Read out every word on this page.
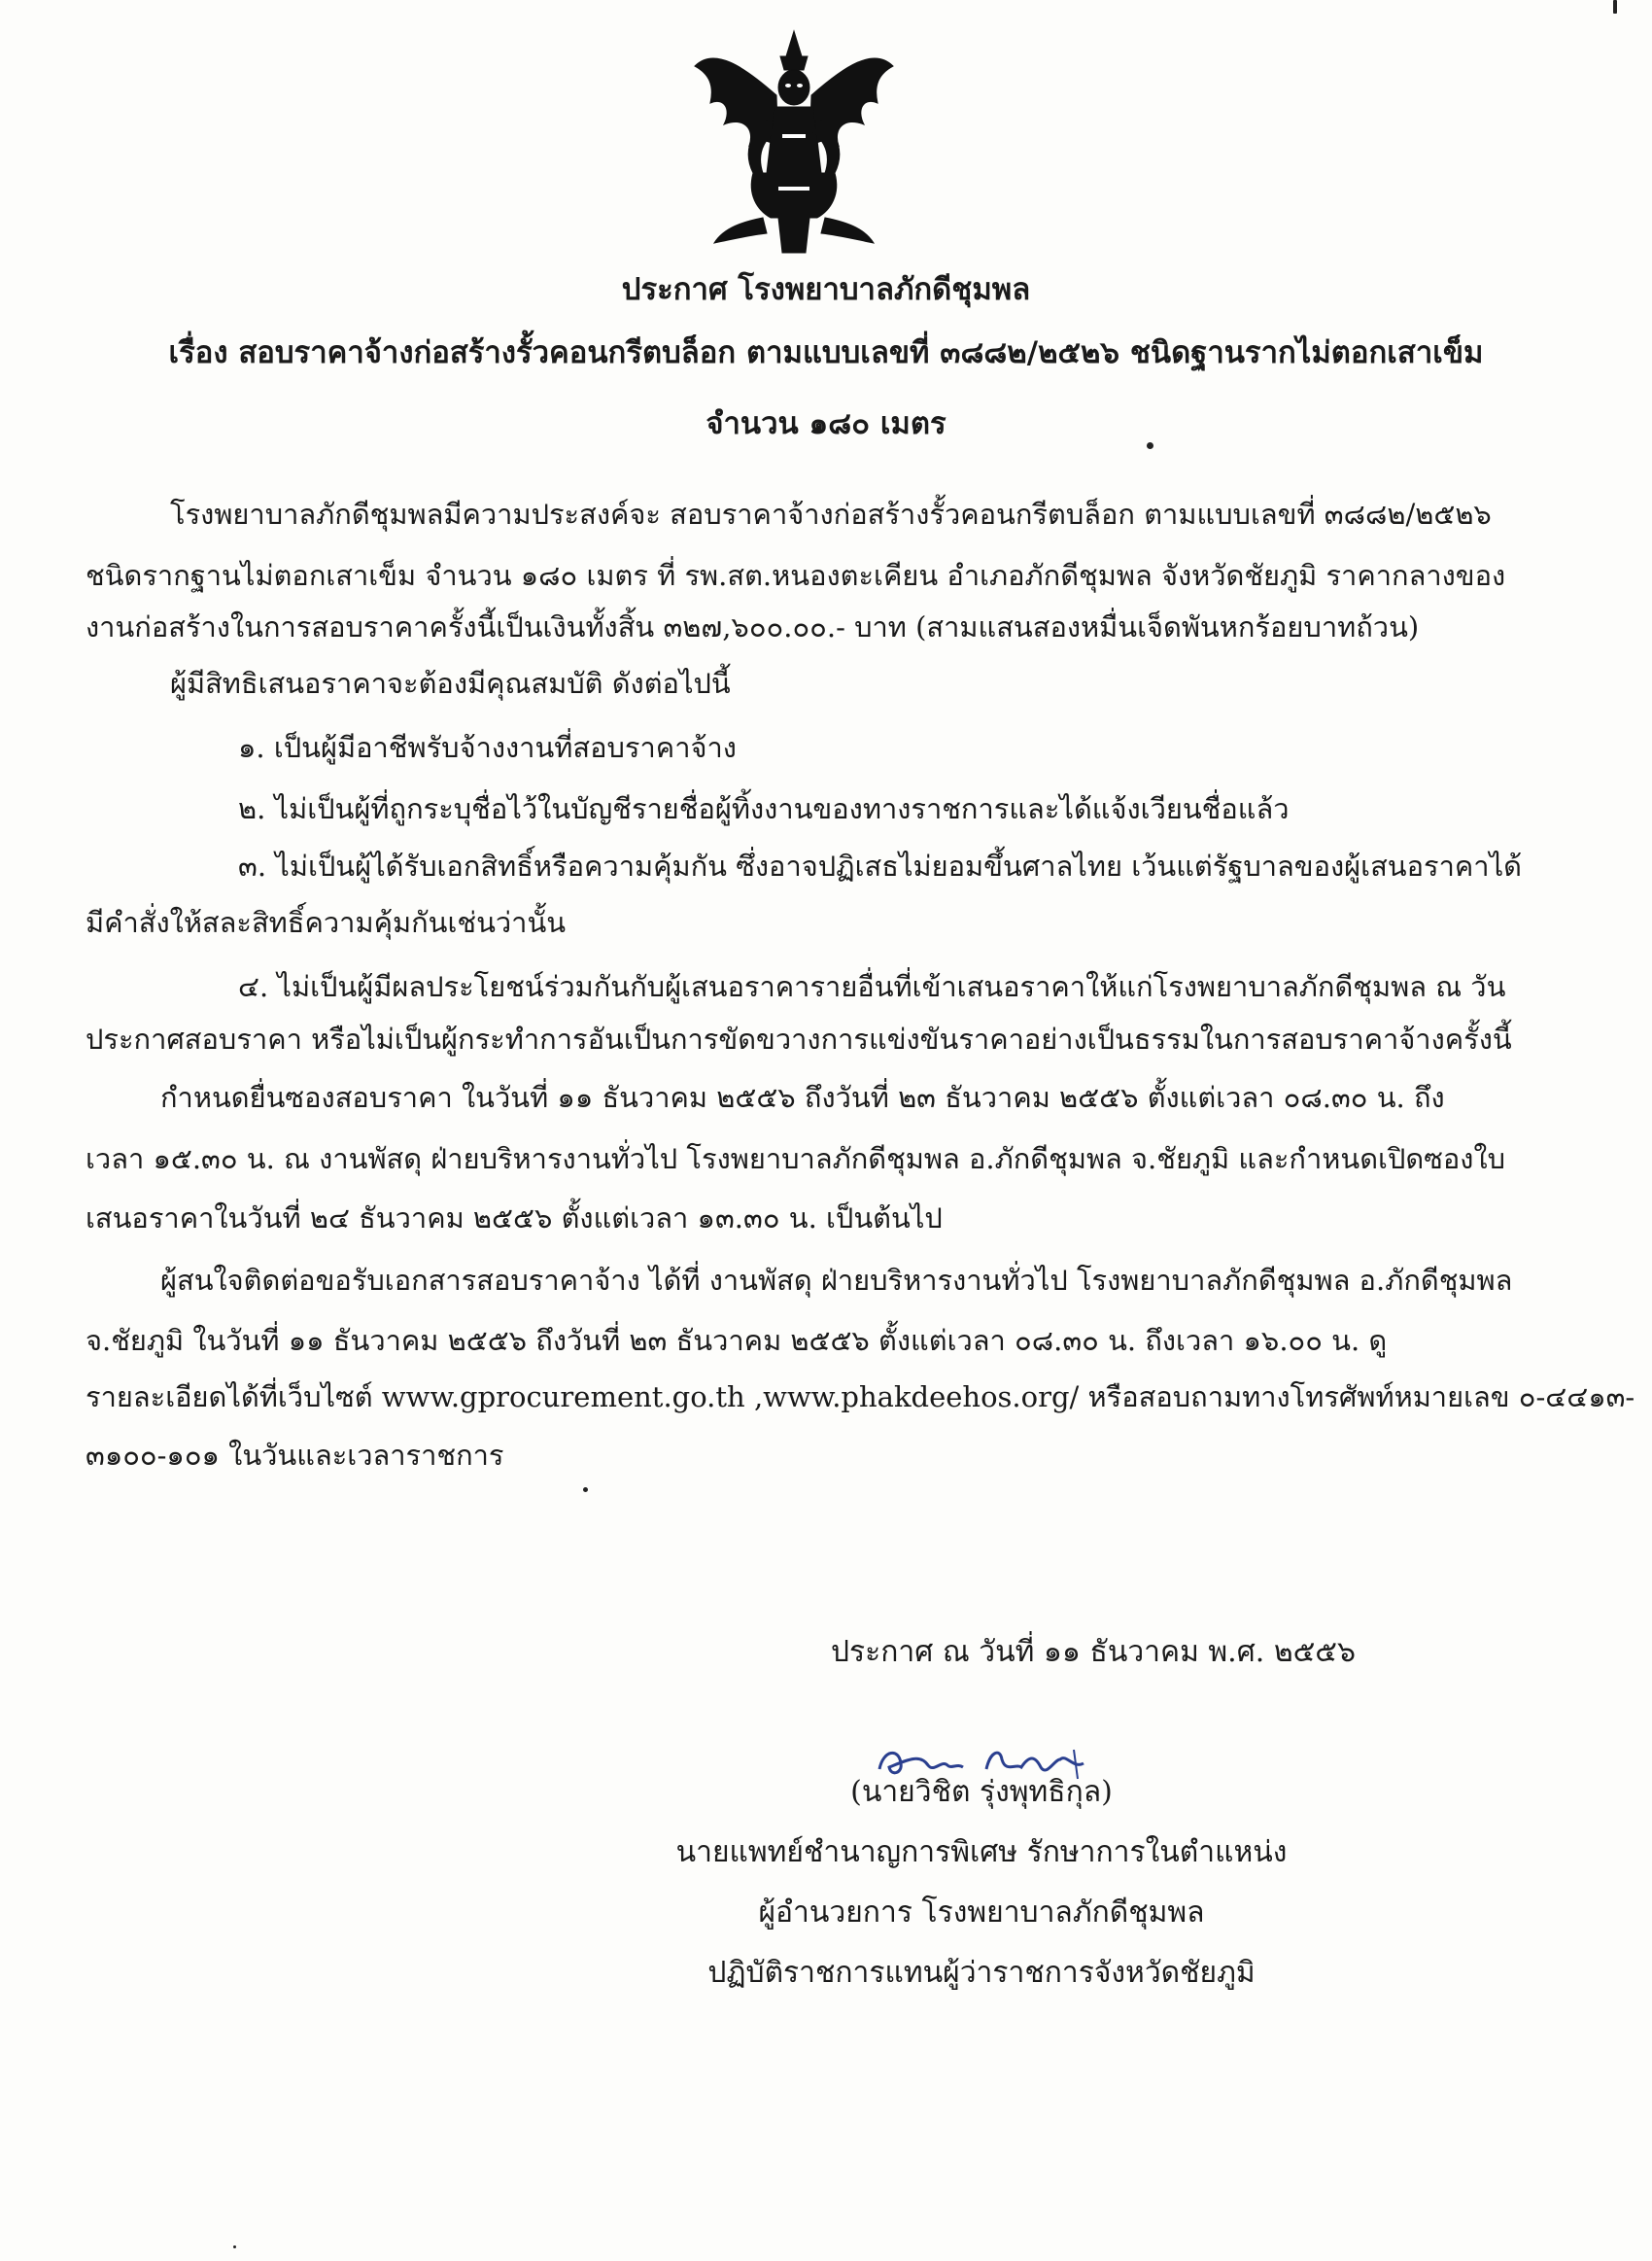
ประกาศ โรงพยาบาลภักดีชุมพล
เรื่อง สอบราคาจ้างก่อสร้างรั้วคอนกรีตบล็อก ตามแบบเลขที่ ๓๘๘๒/๒๕๒๖ ชนิดฐานรากไม่ตอกเสาเข็ม
จำนวน ๑๘๐ เมตร
โรงพยาบาลภักดีชุมพลมีความประสงค์จะ สอบราคาจ้างก่อสร้างรั้วคอนกรีตบล็อก ตามแบบเลขที่ ๓๘๘๒/๒๕๒๖
ชนิดรากฐานไม่ตอกเสาเข็ม จำนวน ๑๘๐ เมตร ที่ รพ.สต.หนองตะเคียน อำเภอภักดีชุมพล จังหวัดชัยภูมิ ราคากลางของ
งานก่อสร้างในการสอบราคาครั้งนี้เป็นเงินทั้งสิ้น ๓๒๗,๖๐๐.๐๐.- บาท (สามแสนสองหมื่นเจ็ดพันหกร้อยบาทถ้วน)
ผู้มีสิทธิเสนอราคาจะต้องมีคุณสมบัติ ดังต่อไปนี้
๑. เป็นผู้มีอาชีพรับจ้างงานที่สอบราคาจ้าง
๒. ไม่เป็นผู้ที่ถูกระบุชื่อไว้ในบัญชีรายชื่อผู้ทิ้งงานของทางราชการและได้แจ้งเวียนชื่อแล้ว
๓. ไม่เป็นผู้ได้รับเอกสิทธิ์หรือความคุ้มกัน ซึ่งอาจปฏิเสธไม่ยอมขึ้นศาลไทย เว้นแต่รัฐบาลของผู้เสนอราคาได้
มีคำสั่งให้สละสิทธิ์ความคุ้มกันเช่นว่านั้น
๔. ไม่เป็นผู้มีผลประโยชน์ร่วมกันกับผู้เสนอราคารายอื่นที่เข้าเสนอราคาให้แก่โรงพยาบาลภักดีชุมพล ณ วัน
ประกาศสอบราคา หรือไม่เป็นผู้กระทำการอันเป็นการขัดขวางการแข่งขันราคาอย่างเป็นธรรมในการสอบราคาจ้างครั้งนี้
กำหนดยื่นซองสอบราคา ในวันที่ ๑๑ ธันวาคม ๒๕๕๖ ถึงวันที่ ๒๓ ธันวาคม ๒๕๕๖ ตั้งแต่เวลา ๐๘.๓๐ น. ถึง
เวลา ๑๕.๓๐ น. ณ งานพัสดุ ฝ่ายบริหารงานทั่วไป โรงพยาบาลภักดีชุมพล อ.ภักดีชุมพล จ.ชัยภูมิ และกำหนดเปิดซองใบ
เสนอราคาในวันที่ ๒๔ ธันวาคม ๒๕๕๖ ตั้งแต่เวลา ๑๓.๓๐ น. เป็นต้นไป
ผู้สนใจติดต่อขอรับเอกสารสอบราคาจ้าง ได้ที่ งานพัสดุ ฝ่ายบริหารงานทั่วไป โรงพยาบาลภักดีชุมพล อ.ภักดีชุมพล
จ.ชัยภูมิ ในวันที่ ๑๑ ธันวาคม ๒๕๕๖ ถึงวันที่ ๒๓ ธันวาคม ๒๕๕๖ ตั้งแต่เวลา ๐๘.๓๐ น. ถึงเวลา ๑๖.๐๐ น. ดู
รายละเอียดได้ที่เว็บไซต์ www.gprocurement.go.th ,www.phakdeehos.org/ หรือสอบถามทางโทรศัพท์หมายเลข ๐-๔๔๑๓-
๓๑๐๐-๑๐๑ ในวันและเวลาราชการ
ประกาศ ณ วันที่ ๑๑ ธันวาคม พ.ศ. ๒๕๕๖
(นายวิชิต รุ่งพุทธิกุล)
นายแพทย์ชำนาญการพิเศษ รักษาการในตำแหน่ง
ผู้อำนวยการ โรงพยาบาลภักดีชุมพล
ปฏิบัติราชการแทนผู้ว่าราชการจังหวัดชัยภูมิ
